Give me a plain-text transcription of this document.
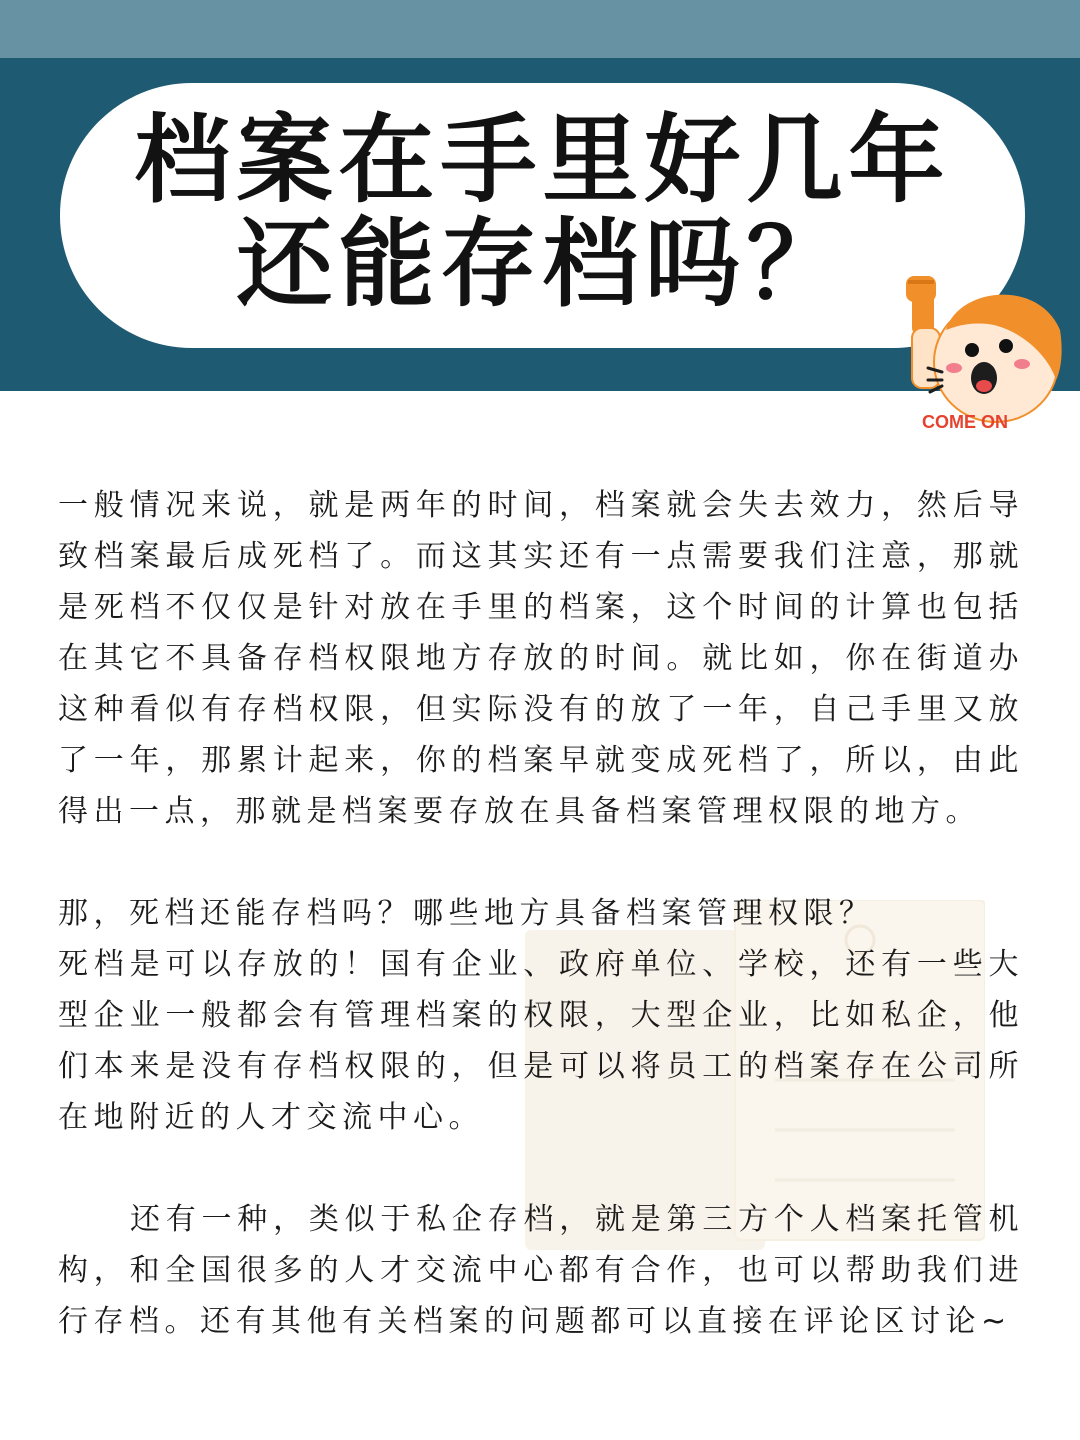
档案在手里好几年
还能存档吗？
COME ON

一般情况来说，就是两年的时间，档案就会失去效力，然后导致档案最后成死档了。而这其实还有一点需要我们注意，那就是死档不仅仅是针对放在手里的档案，这个时间的计算也包括在其它不具备存档权限地方存放的时间。就比如，你在街道办这种看似有存档权限，但实际没有的放了一年，自己手里又放了一年，那累计起来，你的档案早就变成死档了，所以，由此得出一点，那就是档案要存放在具备档案管理权限的地方。

那，死档还能存档吗？哪些地方具备档案管理权限？

死档是可以存放的！国有企业、政府单位、学校，还有一些大型企业一般都会有管理档案的权限，大型企业，比如私企，他们本来是没有存档权限的，但是可以将员工的档案存在公司所在地附近的人才交流中心。

还有一种，类似于私企存档，就是第三方个人档案托管机构，和全国很多的人才交流中心都有合作，也可以帮助我们进行存档。还有其他有关档案的问题都可以直接在评论区讨论~
